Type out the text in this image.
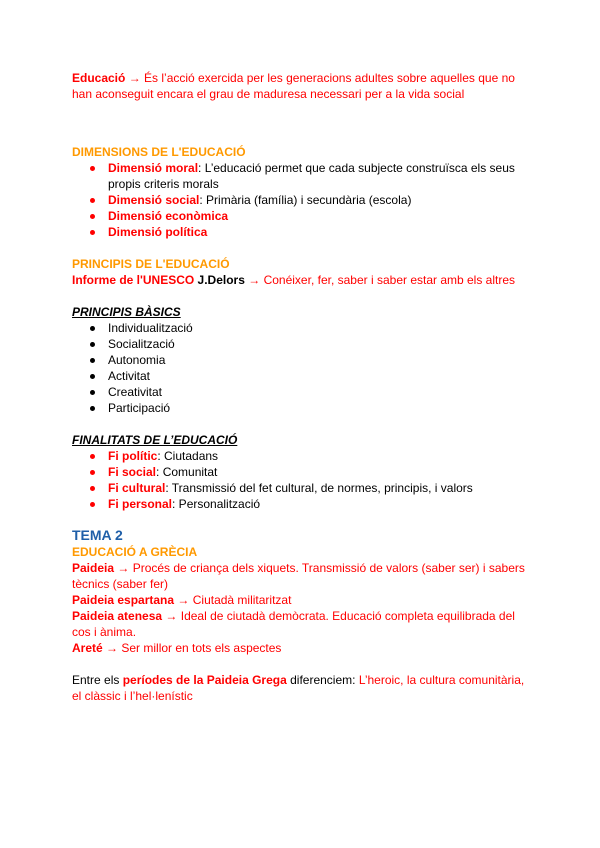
Educació → És l’acció exercida per les generacions adultes sobre aquelles que no han aconseguit encara el grau de maduresa necessari per a la vida social

DIMENSIONS DE L'EDUCACIÓ

Dimensió moral: L’educació permet que cada subjecte construïsca els seus propis criteris morals
Dimensió social: Primària (família) i secundària (escola)
Dimensió econòmica
Dimensió política

PRINCIPIS DE L'EDUCACIÓ

Informe de l'UNESCO J.Delors → Conéixer, fer, saber i saber estar amb els altres

PRINCIPIS BÀSICS

Individualització
Socialització
Autonomia
Activitat
Creativitat
Participació

FINALITATS DE L’EDUCACIÓ

Fi polític: Ciutadans
Fi social: Comunitat
Fi cultural: Transmissió del fet cultural, de normes, principis, i valors
Fi personal: Personalització

TEMA 2

EDUCACIÓ A GRÈCIA

Paideia → Procés de criança dels xiquets. Transmissió de valors (saber ser) i sabers tècnics (saber fer)

Paideia espartana → Ciutadà militaritzat

Paideia atenesa → Ideal de ciutadà demòcrata. Educació completa equilibrada del cos i ànima.

Areté → Ser millor en tots els aspectes

Entre els períodes de la Paideia Grega diferenciem: L’heroic, la cultura comunitària, el clàssic i l’hel·lenístic
